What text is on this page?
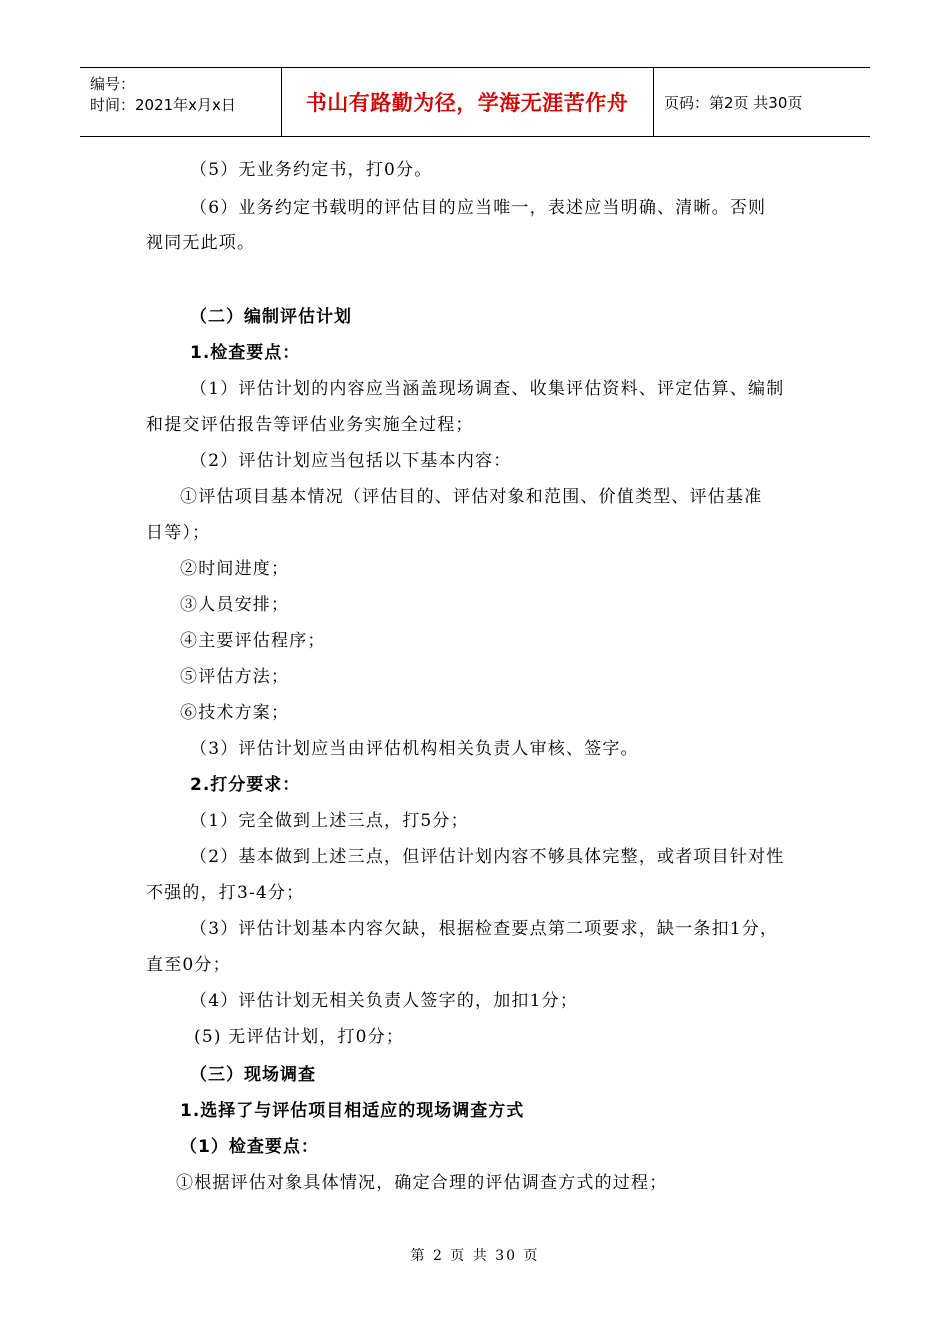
编号：
时间：2021年x月x日	书山有路勤为径，学海无涯苦作舟	页码：第2页 共30页
（5）无业务约定书，打0分。
（6）业务约定书载明的评估目的应当唯一，表述应当明确、清晰。否则
视同无此项。
（二）编制评估计划
1.检查要点：
（1）评估计划的内容应当涵盖现场调查、收集评估资料、评定估算、编制
和提交评估报告等评估业务实施全过程；
（2）评估计划应当包括以下基本内容：
①评估项目基本情况（评估目的、评估对象和范围、价值类型、评估基准
日等）；
②时间进度；
③人员安排；
④主要评估程序；
⑤评估方法；
⑥技术方案；
（3）评估计划应当由评估机构相关负责人审核、签字。
2.打分要求：
（1）完全做到上述三点，打5分；
（2）基本做到上述三点，但评估计划内容不够具体完整，或者项目针对性
不强的，打3-4分；
（3）评估计划基本内容欠缺，根据检查要点第二项要求，缺一条扣1分，
直至0分；
（4）评估计划无相关负责人签字的，加扣1分；
(5) 无评估计划，打0分；
（三）现场调查
1.选择了与评估项目相适应的现场调查方式
（1）检查要点：
①根据评估对象具体情况，确定合理的评估调查方式的过程；
第 2 页 共 30 页
